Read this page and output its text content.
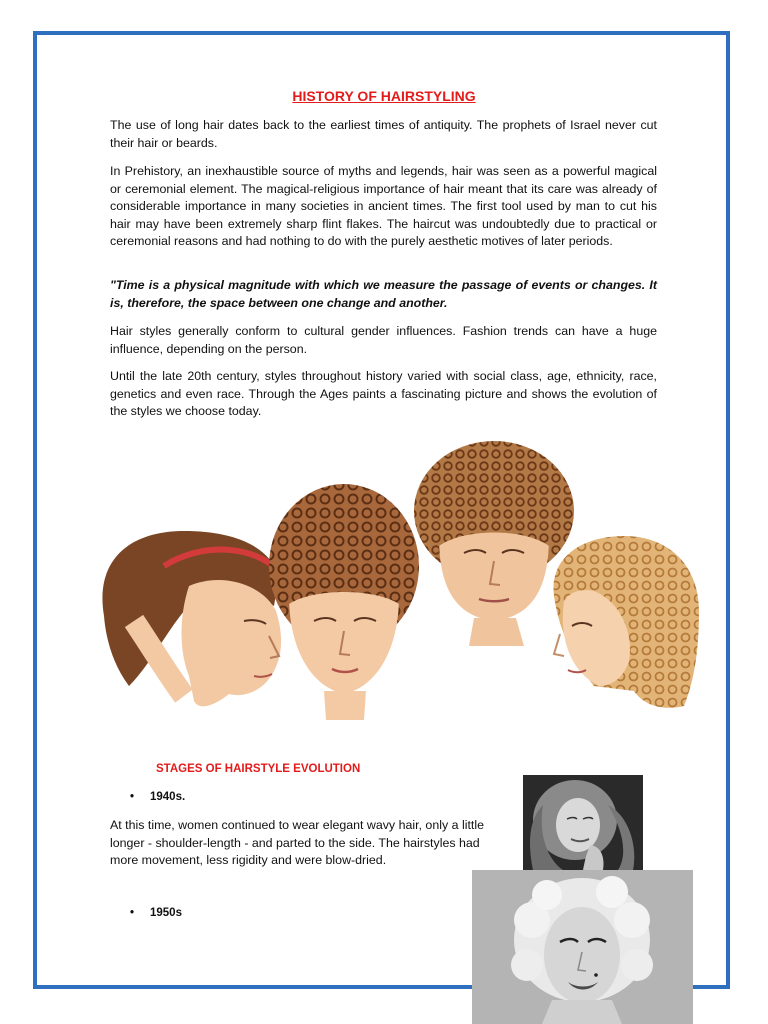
HISTORY OF HAIRSTYLING

The use of long hair dates back to the earliest times of antiquity. The prophets of Israel never cut their hair or beards.

In Prehistory, an inexhaustible source of myths and legends, hair was seen as a powerful magical or ceremonial element. The magical-religious importance of hair meant that its care was already of considerable importance in many societies in ancient times. The first tool used by man to cut his hair may have been extremely sharp flint flakes. The haircut was undoubtedly due to practical or ceremonial reasons and had nothing to do with the purely aesthetic motives of later periods.

"Time is a physical magnitude with which we measure the passage of events or changes. It is, therefore, the space between one change and another.

Hair styles generally conform to cultural gender influences. Fashion trends can have a huge influence, depending on the person.

Until the late 20th century, styles throughout history varied with social class, age, ethnicity, race, genetics and even race. Through the Ages paints a fascinating picture and shows the evolution of the styles we choose today.

STAGES OF HAIRSTYLE EVOLUTION
• 1940s.

At this time, women continued to wear elegant wavy hair, only a little longer - shoulder-length - and parted to the side. The hairstyles had more movement, less rigidity and were blow-dried.

• 1950s
